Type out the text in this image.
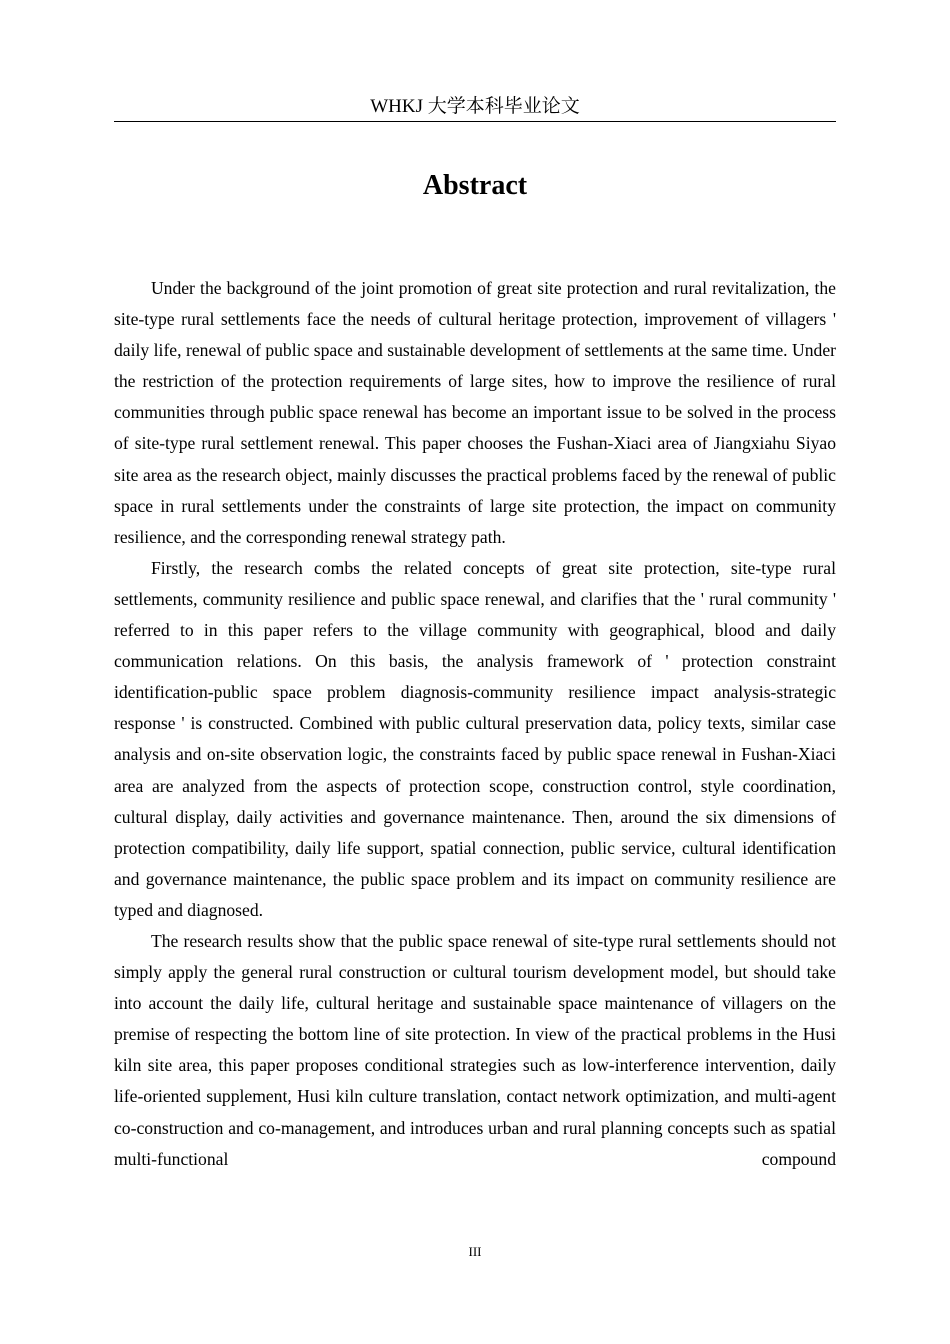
WHKJ 大学本科毕业论文
Abstract

Under the background of the joint promotion of great site protection and rural revitalization, the site-type rural settlements face the needs of cultural heritage protection, improvement of villagers ' daily life, renewal of public space and sustainable development of settlements at the same time. Under the restriction of the protection requirements of large sites, how to improve the resilience of rural communities through public space renewal has become an important issue to be solved in the process of site-type rural settlement renewal. This paper chooses the Fushan-Xiaci area of Jiangxiahu Siyao site area as the research object, mainly discusses the practical problems faced by the renewal of public space in rural settlements under the constraints of large site protection, the impact on community resilience, and the corresponding renewal strategy path.

Firstly, the research combs the related concepts of great site protection, site-type rural settlements, community resilience and public space renewal, and clarifies that the ' rural community ' referred to in this paper refers to the village community with geographical, blood and daily communication relations. On this basis, the analysis framework of ' protection constraint identification-public space problem diagnosis-community resilience impact analysis-strategic response ' is constructed. Combined with public cultural preservation data, policy texts, similar case analysis and on-site observation logic, the constraints faced by public space renewal in Fushan-Xiaci area are analyzed from the aspects of protection scope, construction control, style coordination, cultural display, daily activities and governance maintenance. Then, around the six dimensions of protection compatibility, daily life support, spatial connection, public service, cultural identification and governance maintenance, the public space problem and its impact on community resilience are typed and diagnosed.

The research results show that the public space renewal of site-type rural settlements should not simply apply the general rural construction or cultural tourism development model, but should take into account the daily life, cultural heritage and sustainable space maintenance of villagers on the premise of respecting the bottom line of site protection. In view of the practical problems in the Husi kiln site area, this paper proposes conditional strategies such as low-interference intervention, daily life-oriented supplement, Husi kiln culture translation, contact network optimization, and multi-agent co-construction and co-management, and introduces urban and rural planning concepts such as spatial multi-functional compound

III
